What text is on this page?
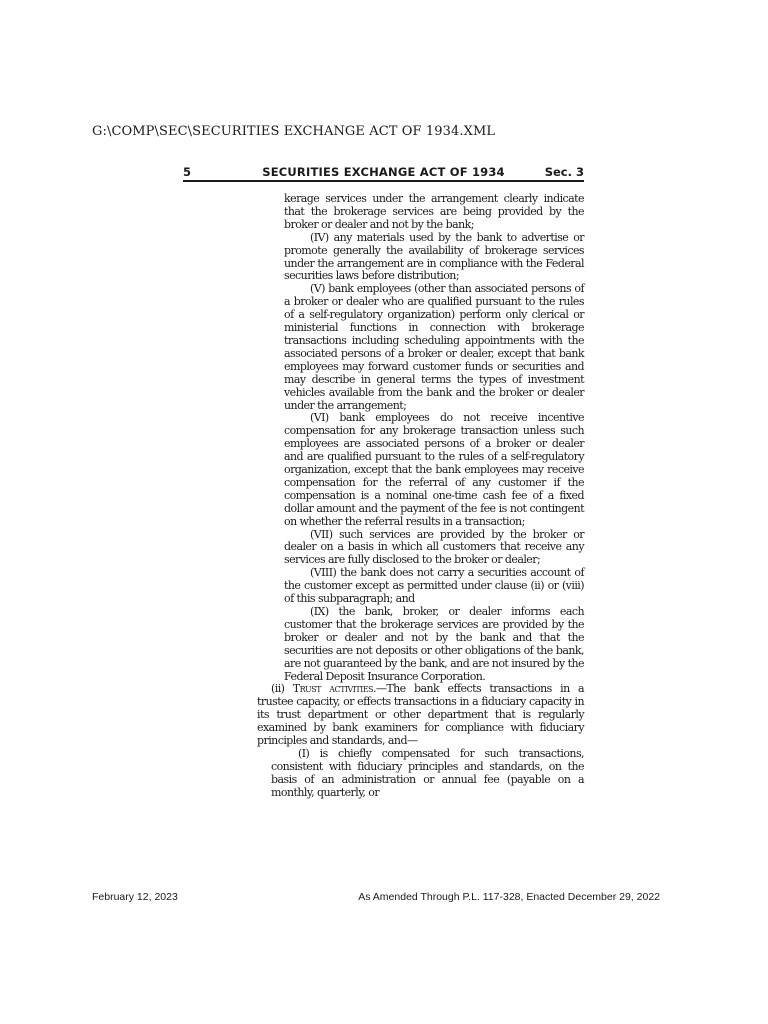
G:\COMP\SEC\SECURITIES EXCHANGE ACT OF 1934.XML
5	SECURITIES EXCHANGE ACT OF 1934	Sec. 3

kerage services under the arrangement clearly indicate that the brokerage services are being provided by the broker or dealer and not by the bank;

(IV) any materials used by the bank to advertise or promote generally the availability of brokerage services under the arrangement are in compliance with the Federal securities laws before distribution;

(V) bank employees (other than associated persons of a broker or dealer who are qualified pursuant to the rules of a self-regulatory organization) perform only clerical or ministerial functions in connection with brokerage transactions including scheduling appointments with the associated persons of a broker or dealer, except that bank employees may forward customer funds or securities and may describe in general terms the types of investment vehicles available from the bank and the broker or dealer under the arrangement;

(VI) bank employees do not receive incentive compensation for any brokerage transaction unless such employees are associated persons of a broker or dealer and are qualified pursuant to the rules of a self-regulatory organization, except that the bank employees may receive compensation for the referral of any customer if the compensation is a nominal one-time cash fee of a fixed dollar amount and the payment of the fee is not contingent on whether the referral results in a transaction;

(VII) such services are provided by the broker or dealer on a basis in which all customers that receive any services are fully disclosed to the broker or dealer;

(VIII) the bank does not carry a securities account of the customer except as permitted under clause (ii) or (viii) of this subparagraph; and

(IX) the bank, broker, or dealer informs each customer that the brokerage services are provided by the broker or dealer and not by the bank and that the securities are not deposits or other obligations of the bank, are not guaranteed by the bank, and are not insured by the Federal Deposit Insurance Corporation.

(ii) Trust activities.—The bank effects transactions in a trustee capacity, or effects transactions in a fiduciary capacity in its trust department or other department that is regularly examined by bank examiners for compliance with fiduciary principles and standards, and—

(I) is chiefly compensated for such transactions, consistent with fiduciary principles and standards, on the basis of an administration or annual fee (payable on a monthly, quarterly, or

February 12, 2023	As Amended Through P.L. 117-328, Enacted December 29, 2022
